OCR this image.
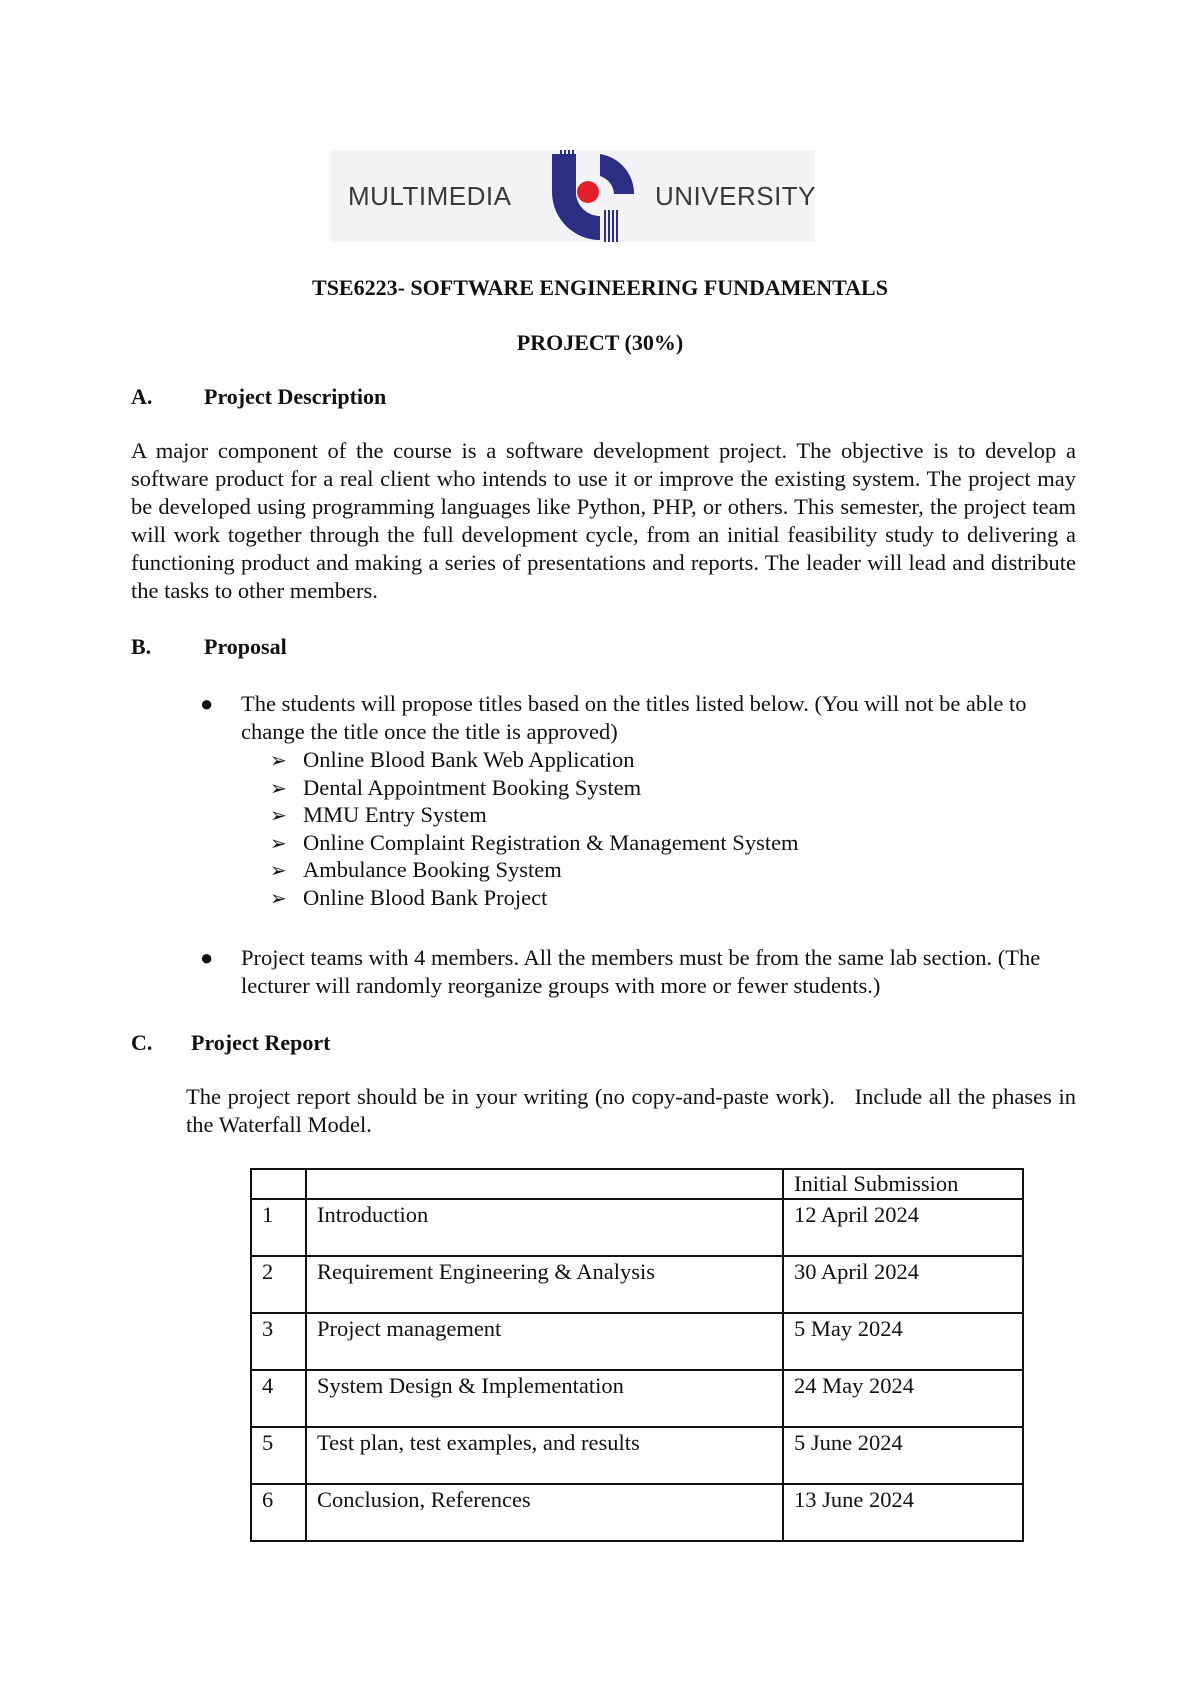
MULTIMEDIA	UNIVERSITY
TSE6223- SOFTWARE ENGINEERING FUNDAMENTALS
PROJECT (30%)
A. Project Description
A major component of the course is a software development project. The objective is to develop a software product for a real client who intends to use it or improve the existing system. The project may be developed using programming languages like Python, PHP, or others. This semester, the project team will work together through the full development cycle, from an initial feasibility study to delivering a functioning product and making a series of presentations and reports. The leader will lead and distribute the tasks to other members.
B. Proposal
● The students will propose titles based on the titles listed below. (You will not be able to change the title once the title is approved)
➢ Online Blood Bank Web Application
➢ Dental Appointment Booking System
➢ MMU Entry System
➢ Online Complaint Registration & Management System
➢ Ambulance Booking System
➢ Online Blood Bank Project
● Project teams with 4 members. All the members must be from the same lab section. (The lecturer will randomly reorganize groups with more or fewer students.)
C. Project Report
The project report should be in your writing (no copy-and-paste work).   Include all the phases in the Waterfall Model.
		Initial Submission
1	Introduction	12 April 2024
2	Requirement Engineering & Analysis	30 April 2024
3	Project management	5 May 2024
4	System Design & Implementation	24 May 2024
5	Test plan, test examples, and results	5 June 2024
6	Conclusion, References	13 June 2024
